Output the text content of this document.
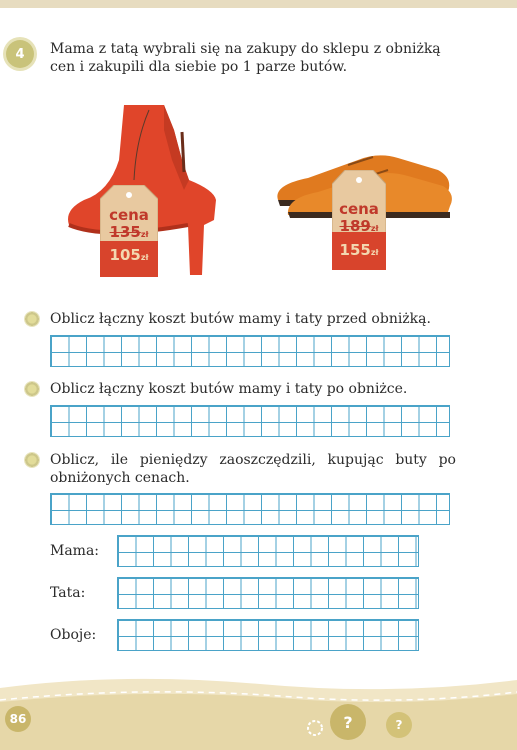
4	Mama z tatą wybrali się na zakupy do sklepu z obniżką cen i zakupili dla siebie po 1 parze butów.
cena
135zł
105zł
cena
189zł
155zł
Oblicz łączny koszt butów mamy i taty przed obniżką.
Oblicz łączny koszt butów mamy i taty po obniżce.
Oblicz, ile pieniędzy zaoszczędzili, kupując buty po obniżonych cenach.
Mama:
Tata:
Oboje:
86	?	?
